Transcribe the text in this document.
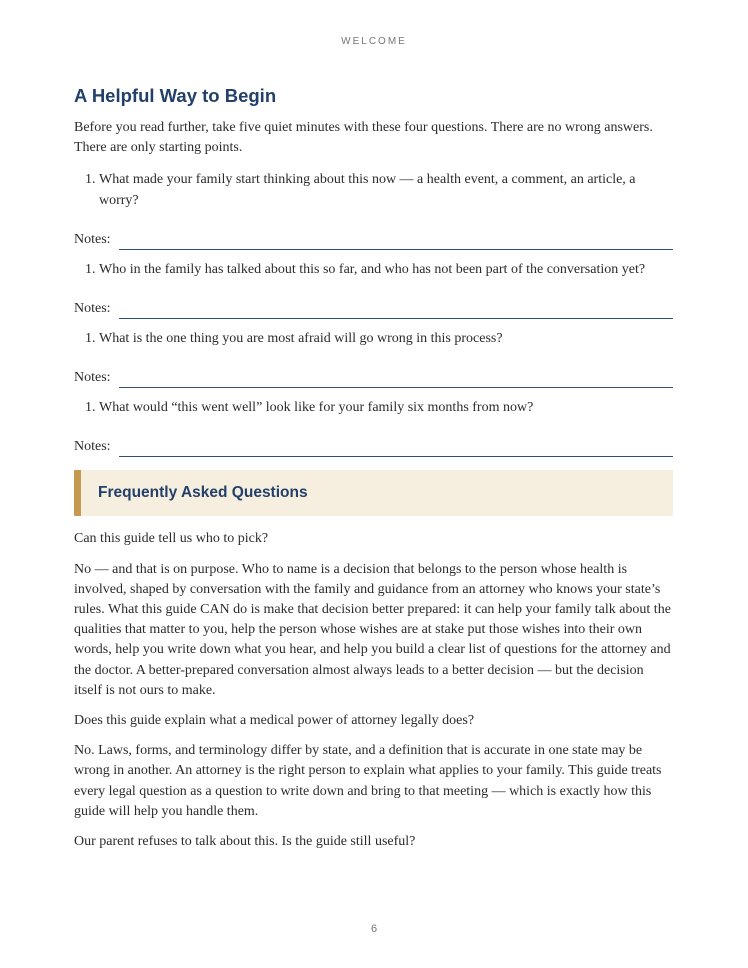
WELCOME
A Helpful Way to Begin

Before you read further, take five quiet minutes with these four questions. There are no wrong answers. There are only starting points.

1. What made your family start thinking about this now — a health event, a comment, an article, a worry?
Notes:
1. Who in the family has talked about this so far, and who has not been part of the conversation yet?
Notes:
1. What is the one thing you are most afraid will go wrong in this process?
Notes:
1. What would “this went well” look like for your family six months from now?
Notes:
Frequently Asked Questions

Can this guide tell us who to pick?

No — and that is on purpose. Who to name is a decision that belongs to the person whose health is involved, shaped by conversation with the family and guidance from an attorney who knows your state’s rules. What this guide CAN do is make that decision better prepared: it can help your family talk about the qualities that matter to you, help the person whose wishes are at stake put those wishes into their own words, help you write down what you hear, and help you build a clear list of questions for the attorney and the doctor. A better-prepared conversation almost always leads to a better decision — but the decision itself is not ours to make.

Does this guide explain what a medical power of attorney legally does?

No. Laws, forms, and terminology differ by state, and a definition that is accurate in one state may be wrong in another. An attorney is the right person to explain what applies to your family. This guide treats every legal question as a question to write down and bring to that meeting — which is exactly how this guide will help you handle them.

Our parent refuses to talk about this. Is the guide still useful?

6
